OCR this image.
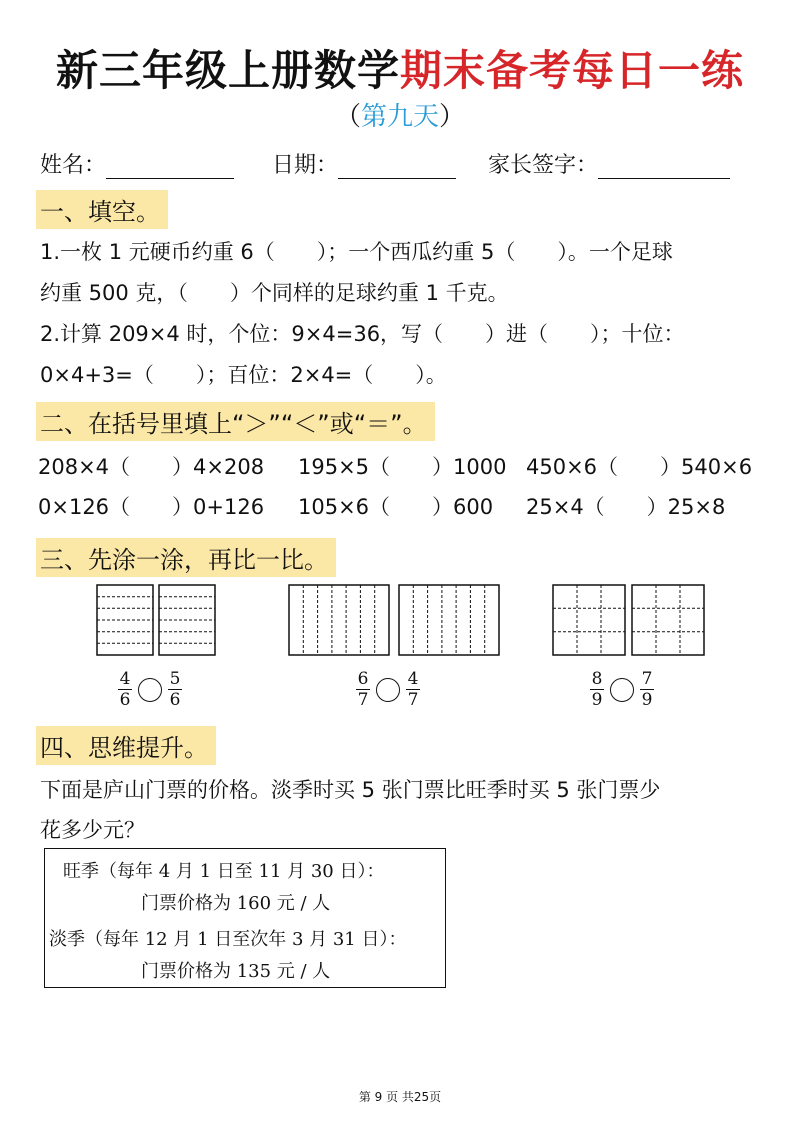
新三年级上册数学期末备考每日一练
（第九天）
姓名：	日期：	家长签字：
一、填空。
1.一枚 1 元硬币约重 6（　　）；一个西瓜约重 5（　　）。一个足球
约重 500 克，（　　）个同样的足球约重 1 千克。
2.计算 209×4 时，个位：9×4=36，写（　　）进（　　）；十位：
0×4+3=（　　）；百位：2×4=（　　）。
二、在括号里填上“＞”“＜”或“＝”。
208×4（　　）4×208 195×5（　　）1000 450×6（　　）540×6
0×126（　　）0+126 105×6（　　）600 25×4（　　）25×8
三、先涂一涂，再比一比。
$\frac{4}{6} \frac{5}{6}$	$\frac{6}{7} \frac{4}{7}$	$\frac{8}{9} \frac{7}{9}$
四、思维提升。
下面是庐山门票的价格。淡季时买 5 张门票比旺季时买 5 张门票少
花多少元？
旺季（每年 4 月 1 日至 11 月 30 日）：
门票价格为 160 元 / 人
淡季（每年 12 月 1 日至次年 3 月 31 日）：
门票价格为 135 元 / 人
第 9 页 共25页
